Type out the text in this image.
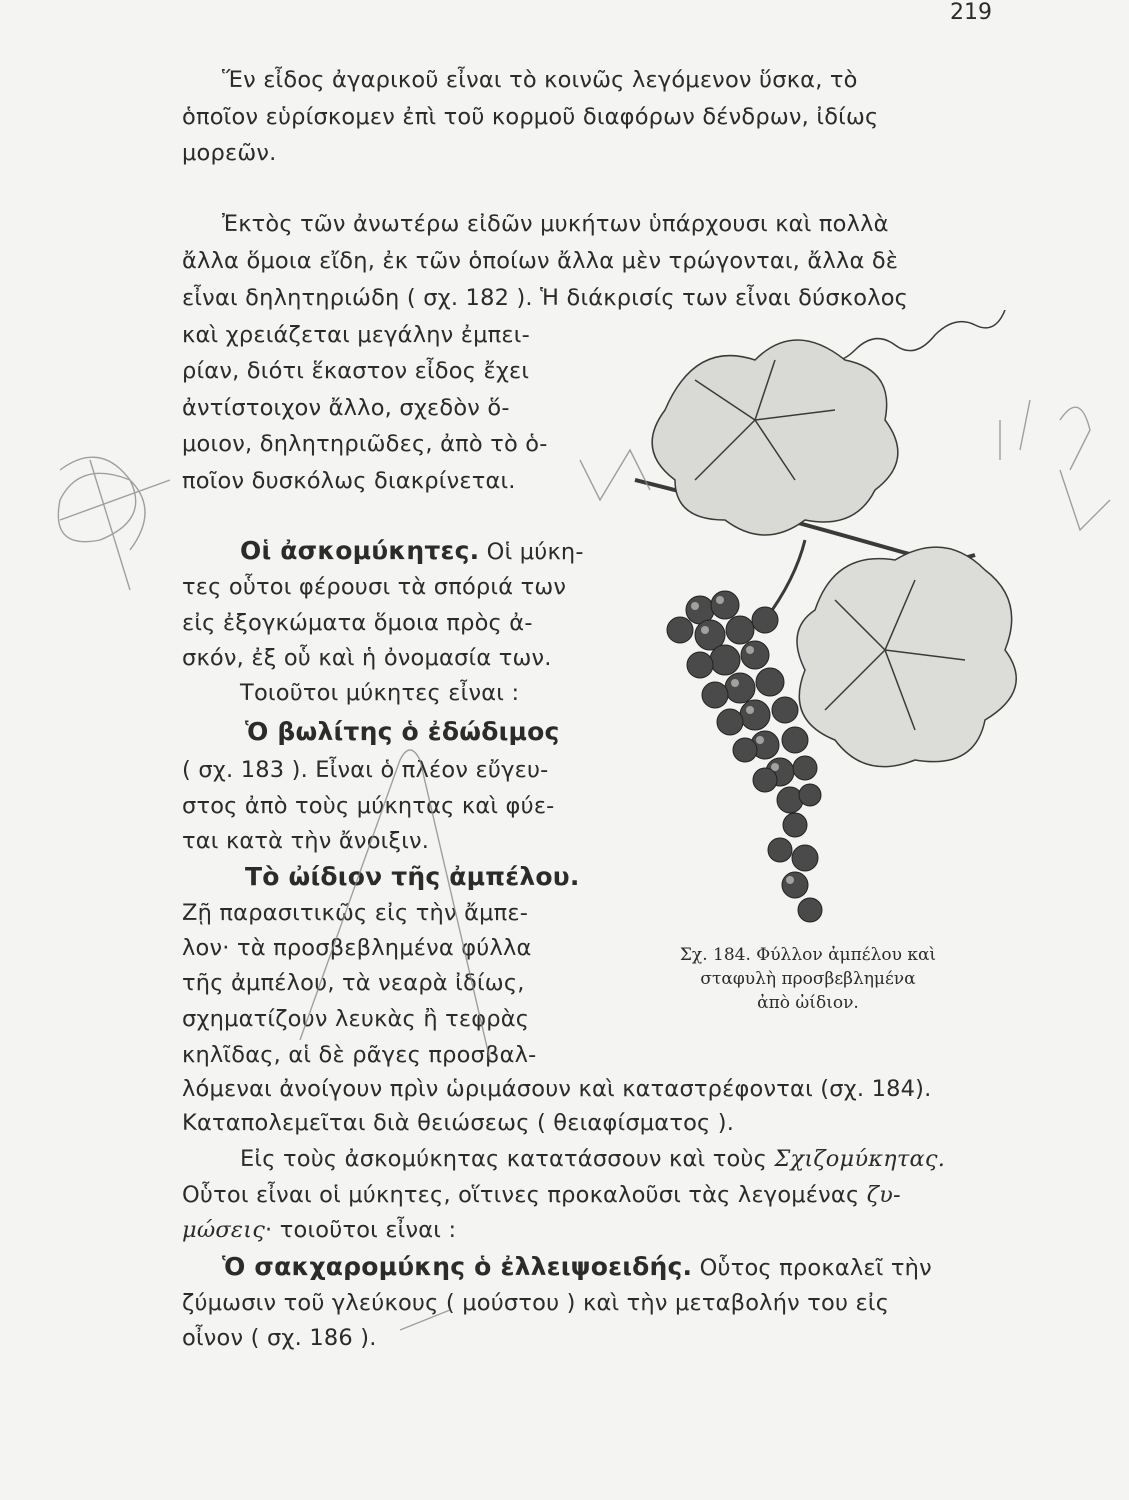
219
Ἕν εἶδος ἀγαρικοῦ εἶναι τὸ κοινῶς λεγόμενον ὕσκα, τὸ
ὁποῖον εὑρίσκομεν ἐπὶ τοῦ κορμοῦ διαφόρων δένδρων, ἰδίως
μορεῶν.
Ἐκτὸς τῶν ἀνωτέρω εἰδῶν μυκήτων ὑπάρχουσι καὶ πολλὰ
ἄλλα ὅμοια εἴδη, ἐκ τῶν ὁποίων ἄλλα μὲν τρώγονται, ἄλλα δὲ
εἶναι δηλητηριώδη ( σχ. 182 ). Ἡ διάκρισίς των εἶναι δύσκολος
καὶ χρειάζεται μεγάλην ἐμπει-
ρίαν, διότι ἕκαστον εἶδος ἔχει
ἀντίστοιχον ἄλλο, σχεδὸν ὅ-
μοιον, δηλητηριῶδες, ἀπὸ τὸ ὁ-
ποῖον δυσκόλως διακρίνεται.
Οἱ ἀσκομύκητες. Οἱ μύκη-
τες οὗτοι φέρουσι τὰ σπόριά των
εἰς ἐξογκώματα ὅμοια πρὸς ἀ-
σκόν, ἐξ οὗ καὶ ἡ ὀνομασία των.
Τοιοῦτοι μύκητες εἶναι :
Ὁ βωλίτης ὁ ἐδώδιμος
( σχ. 183 ). Εἶναι ὁ πλέον εὔγευ-
στος ἀπὸ τοὺς μύκητας καὶ φύε-
ται κατὰ τὴν ἄνοιξιν.
Τὸ ὠίδιον τῆς ἀμπέλου.
Ζῇ παρασιτικῶς εἰς τὴν ἄμπε-
λον· τὰ προσβεβλημένα φύλλα
τῆς ἀμπέλου, τὰ νεαρὰ ἰδίως,
σχηματίζουν λευκὰς ἢ τεφρὰς
κηλῖδας, αἱ δὲ ρᾶγες προσβαλ-
λόμεναι ἀνοίγουν πρὶν ὡριμάσουν καὶ καταστρέφονται (σχ. 184).
Καταπολεμεῖται διὰ θειώσεως ( θειαφίσματος ).
Εἰς τοὺς ἀσκομύκητας κατατάσσουν καὶ τοὺς Σχιζομύκητας.
Οὗτοι εἶναι οἱ μύκητες, οἵτινες προκαλοῦσι τὰς λεγομένας ζυ-
μώσεις· τοιοῦτοι εἶναι :
Ὁ σακχαρομύκης ὁ ἐλλειψοειδής. Οὗτος προκαλεῖ τὴν
ζύμωσιν τοῦ γλεύκους ( μούστου ) καὶ τὴν μεταβολήν του εἰς
οἶνον ( σχ. 186 ).
Σχ. 184. Φύλλον ἀμπέλου καὶ
σταφυλὴ προσβεβλημένα
ἀπὸ ὠίδιον.
